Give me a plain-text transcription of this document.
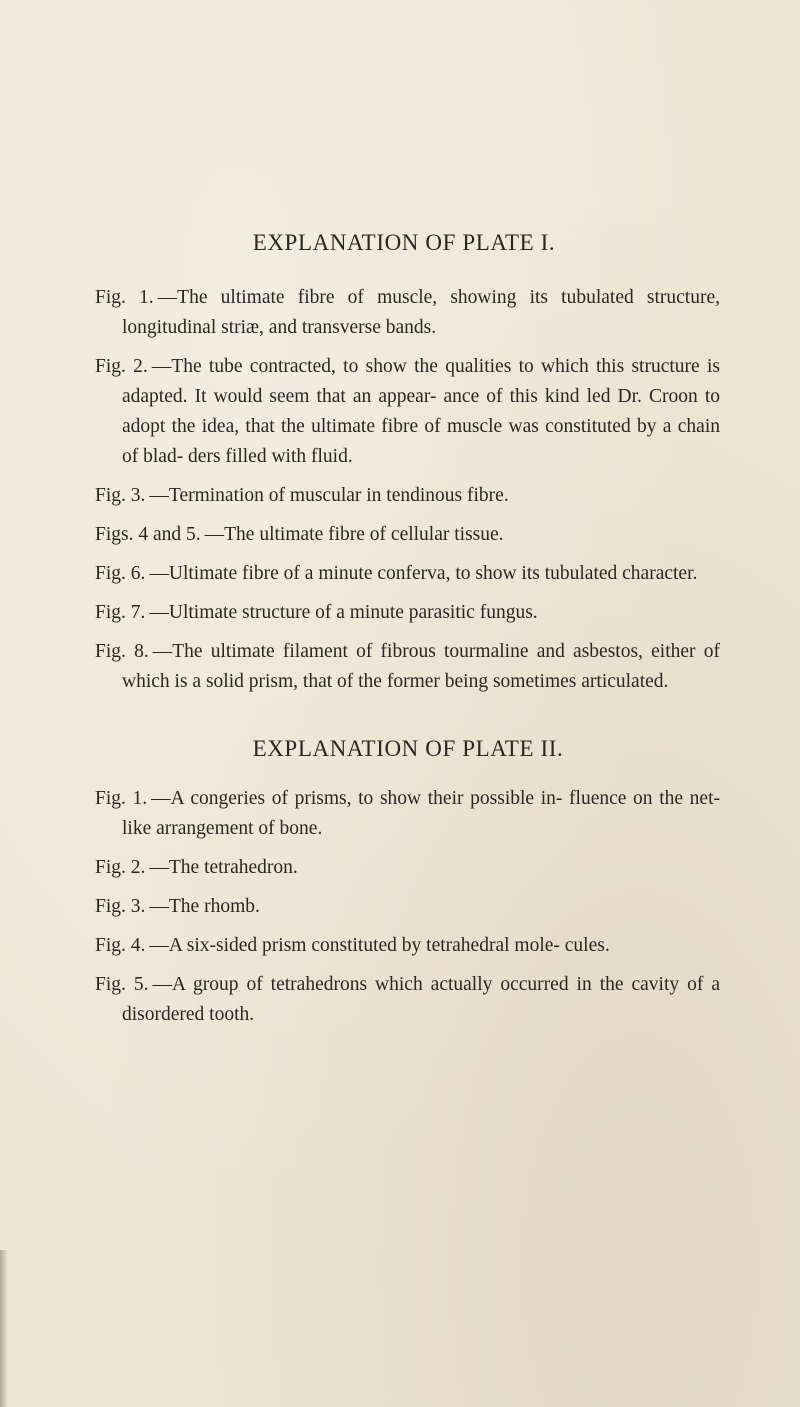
EXPLANATION OF PLATE I.
Fig. 1. —The ultimate fibre of muscle, showing its tubulated structure, longitudinal striæ, and transverse bands.
Fig. 2. —The tube contracted, to show the qualities to which this structure is adapted. It would seem that an appear- ance of this kind led Dr. Croon to adopt the idea, that the ultimate fibre of muscle was constituted by a chain of blad- ders filled with fluid.
Fig. 3. —Termination of muscular in tendinous fibre.
Figs. 4 and 5. —The ultimate fibre of cellular tissue.
Fig. 6. —Ultimate fibre of a minute conferva, to show its tubulated character.
Fig. 7. —Ultimate structure of a minute parasitic fungus.
Fig. 8. —The ultimate filament of fibrous tourmaline and asbestos, either of which is a solid prism, that of the former being sometimes articulated.
EXPLANATION OF PLATE II.
Fig. 1. —A congeries of prisms, to show their possible in- fluence on the net-like arrangement of bone.
Fig. 2. —The tetrahedron.
Fig. 3. —The rhomb.
Fig. 4. —A six-sided prism constituted by tetrahedral mole- cules.
Fig. 5. —A group of tetrahedrons which actually occurred in the cavity of a disordered tooth.
